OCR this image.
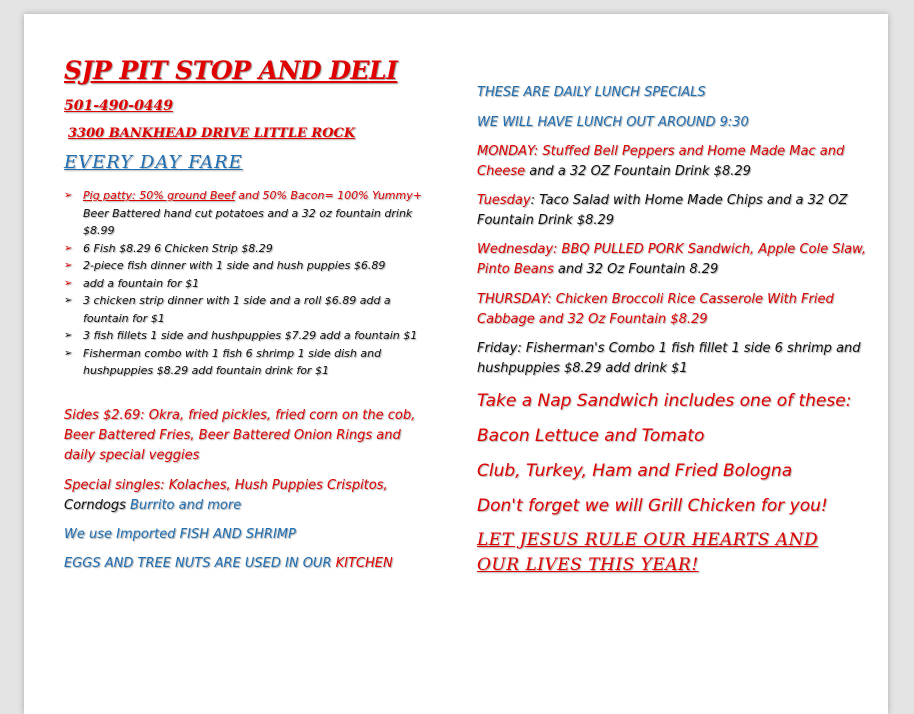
SJP PIT STOP AND DELI
501-490-0449
3300 BANKHEAD DRIVE LITTLE ROCK
EVERY DAY FARE
➢ Pig patty: 50% ground Beef and 50% Bacon= 100% Yummy+ Beer Battered hand cut potatoes and a 32 oz fountain drink $8.99
➢ 6 Fish $8.29 6 Chicken Strip $8.29
➢ 2-piece fish dinner with 1 side and hush puppies $6.89
➢ add a fountain for $1
➢ 3 chicken strip dinner with 1 side and a roll $6.89 add a fountain for $1
➢ 3 fish fillets 1 side and hushpuppies $7.29 add a fountain $1
➢ Fisherman combo with 1 fish 6 shrimp 1 side dish and hushpuppies $8.29 add fountain drink for $1
Sides $2.69: Okra, fried pickles, fried corn on the cob, Beer Battered Fries, Beer Battered Onion Rings and daily special veggies
Special singles: Kolaches, Hush Puppies Crispitos, Corndogs Burrito and more
We use Imported FISH AND SHRIMP
EGGS AND TREE NUTS ARE USED IN OUR KITCHEN
THESE ARE DAILY LUNCH SPECIALS
WE WILL HAVE LUNCH OUT AROUND 9:30
MONDAY: Stuffed Bell Peppers and Home Made Mac and Cheese and a 32 OZ Fountain Drink $8.29
Tuesday: Taco Salad with Home Made Chips and a 32 OZ Fountain Drink $8.29
Wednesday: BBQ PULLED PORK Sandwich, Apple Cole Slaw, Pinto Beans and 32 Oz Fountain 8.29
THURSDAY: Chicken Broccoli Rice Casserole With Fried Cabbage and 32 Oz Fountain $8.29
Friday: Fisherman's Combo 1 fish fillet 1 side 6 shrimp and hushpuppies $8.29 add drink $1
Take a Nap Sandwich includes one of these:
Bacon Lettuce and Tomato
Club, Turkey, Ham and Fried Bologna
Don't forget we will Grill Chicken for you!
LET JESUS RULE OUR HEARTS AND OUR LIVES THIS YEAR!
